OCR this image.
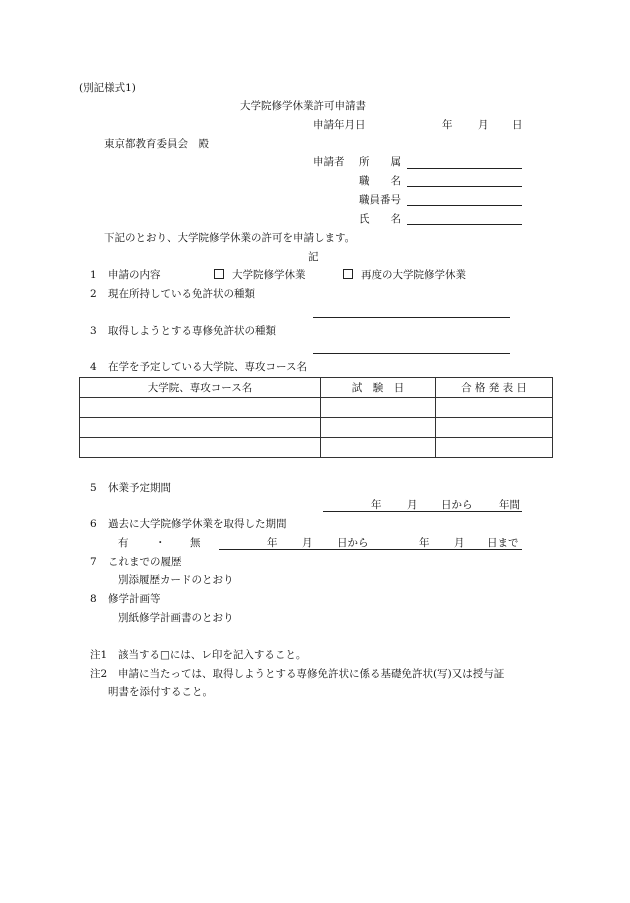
(別記様式1)
大学院修学休業許可申請書
申請年月日	年 月 日
東京都教育委員会　殿
申請者 所　　属
職　　名
職員番号
氏　　名
下記のとおり、大学院修学休業の許可を申請します。
記
1 申請の内容	大学院修学休業	再度の大学院修学休業
2 現在所持している免許状の種類
3 取得しようとする専修免許状の種類
4 在学を予定している大学院、専攻コース名
大学院、専攻コース名	試　験　日	合 格 発 表 日

5 休業予定期間
年 月 日から	年間
6 過去に大学院修学休業を取得した期間
有	・ 無	年 月 日から	年 月 日まで
7 これまでの履歴
別添履歴カードのとおり
8 修学計画等
別紙修学計画書のとおり
注1 該当する□には、レ印を記入すること。
注2 申請に当たっては、取得しようとする専修免許状に係る基礎免許状(写)又は授与証
明書を添付すること。
